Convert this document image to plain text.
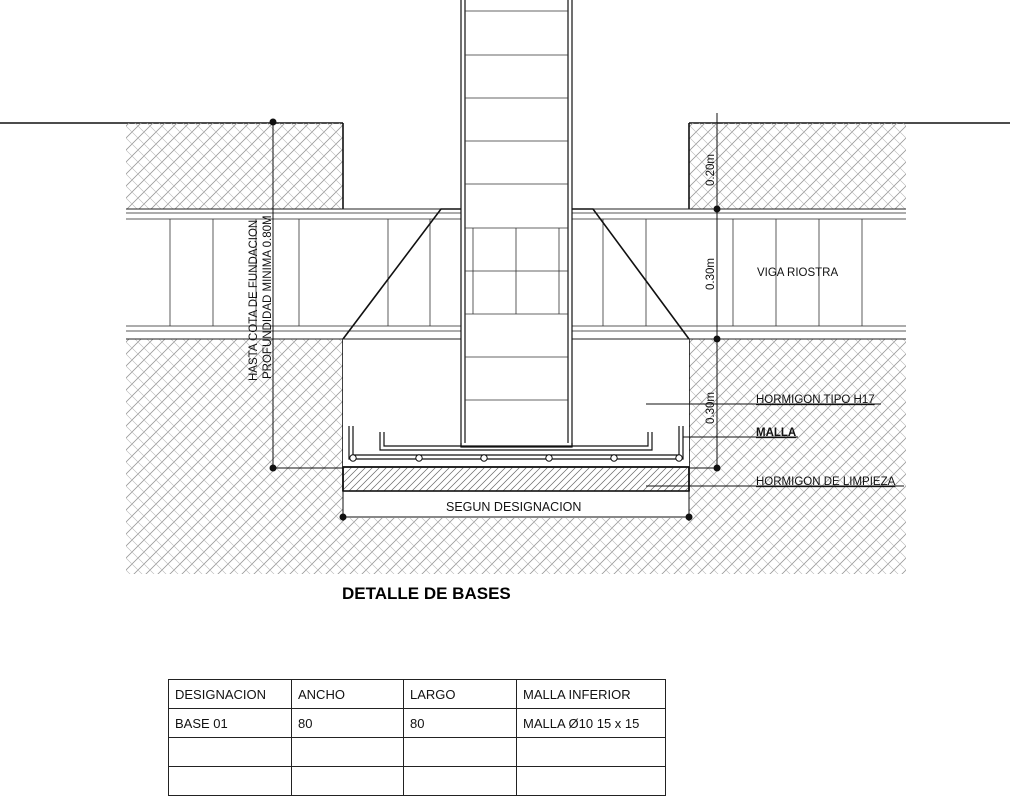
HASTA COTA DE FUNDACION PROFUNDIDAD MINIMA 0.80M
0.20m
0.30m
0.30m
VIGA RIOSTRA
HORMIGON TIPO H17
MALLA
HORMIGON DE LIMPIEZA
SEGUN DESIGNACION
DETALLE DE BASES
DESIGNACION	ANCHO	LARGO	MALLA INFERIOR
BASE 01	80	80	MALLA Ø10 15 x 15
